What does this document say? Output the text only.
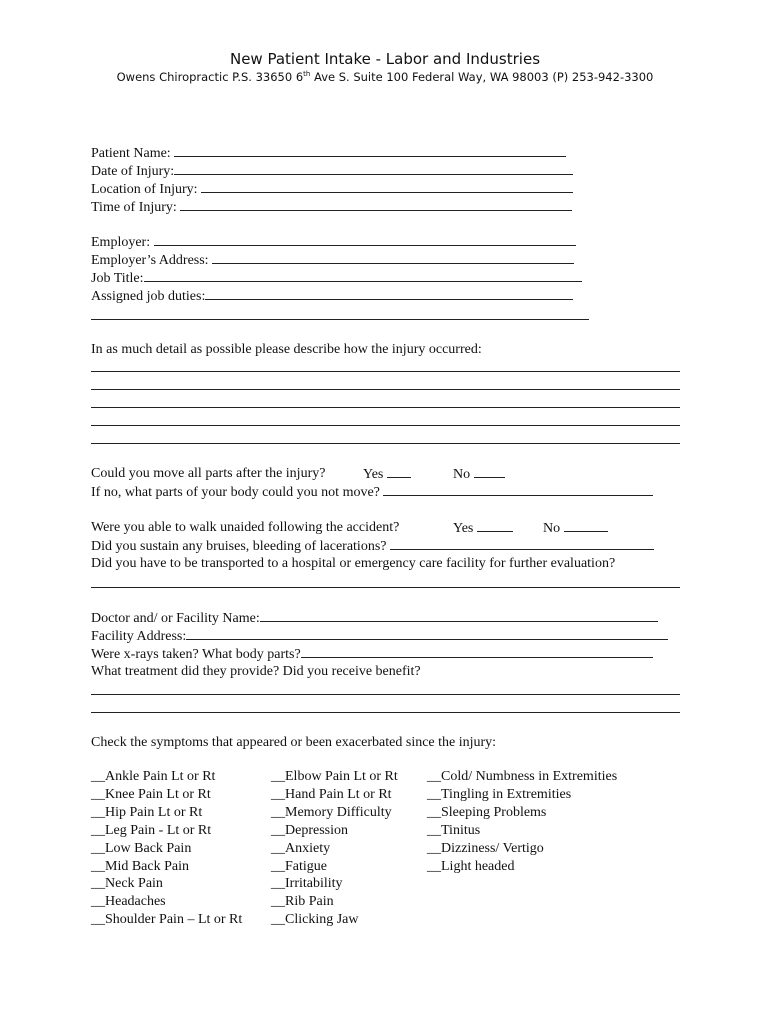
New Patient Intake - Labor and Industries
Owens Chiropractic P.S. 33650 6th Ave S. Suite 100 Federal Way, WA 98003 (P) 253-942-3300
Patient Name:
Date of Injury:
Location of Injury:
Time of Injury:
Employer:
Employer’s Address:
Job Title:
Assigned job duties:
In as much detail as possible please describe how the injury occurred:
Could you move all parts after the injury?	Yes	No
If no, what parts of your body could you not move?
Were you able to walk unaided following the accident?	Yes	No
Did you sustain any bruises, bleeding of lacerations?
Did you have to be transported to a hospital or emergency care facility for further evaluation?
Doctor and/ or Facility Name:
Facility Address:
Were x-rays taken? What body parts?
What treatment did they provide? Did you receive benefit?
Check the symptoms that appeared or been exacerbated since the injury:
__Ankle Pain Lt or Rt
__Knee Pain Lt or Rt
__Hip Pain Lt or Rt
__Leg Pain - Lt or Rt
__Low Back Pain
__Mid Back Pain
__Neck Pain
__Headaches
__Shoulder Pain – Lt or Rt
__Elbow Pain Lt or Rt
__Hand Pain Lt or Rt
__Memory Difficulty
__Depression
__Anxiety
__Fatigue
__Irritability
__Rib Pain
__Clicking Jaw
__Cold/ Numbness in Extremities
__Tingling in Extremities
__Sleeping Problems
__Tinitus
__Dizziness/ Vertigo
__Light headed
